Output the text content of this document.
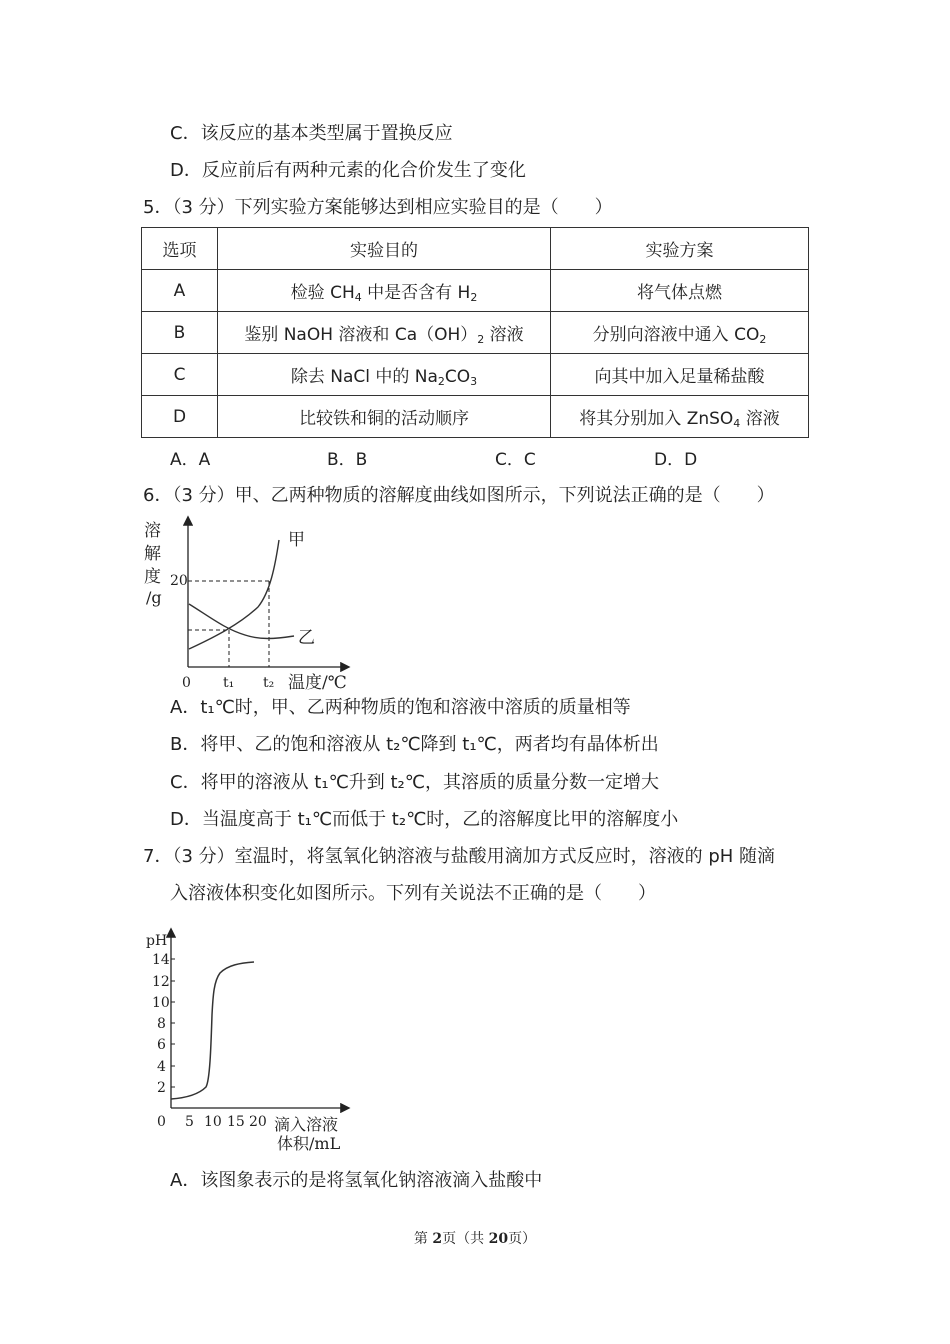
C．该反应的基本类型属于置换反应
D．反应前后有两种元素的化合价发生了变化
5．（3 分）下列实验方案能够达到相应实验目的是（　　）
选项	实验目的	实验方案
A	检验 $CH_4$ 中是否含有 $H_2$	将气体点燃
B	鉴别 NaOH 溶液和 $Ca(OH)_2$ 溶液	分别向溶液中通入 $CO_2$
C	除去 NaCl 中的 $Na_2CO_3$	向其中加入足量稀盐酸
D	比较铁和铜的活动顺序	将其分别加入 ZnSO$_4$ 溶液
A．A	B．B	C．C	D．D
6．（3 分）甲、乙两种物质的溶解度曲线如图所示，下列说法正确的是（　　）
溶
解
度
/g
甲
乙
20
0 t₁ t₂ 温度/℃
A．t₁℃时，甲、乙两种物质的饱和溶液中溶质的质量相等
B．将甲、乙的饱和溶液从 t₂℃降到 t₁℃，两者均有晶体析出
C．将甲的溶液从 t₁℃升到 t₂℃，其溶质的质量分数一定增大
D．当温度高于 t₁℃而低于 t₂℃时，乙的溶解度比甲的溶解度小
7．（3 分）室温时，将氢氧化钠溶液与盐酸用滴加方式反应时，溶液的 pH 随滴
入溶液体积变化如图所示。下列有关说法不正确的是（　　）
pH
14
12
10
8
6
4
2
0 5 10 15 20 滴入溶液
体积/mL
A．该图象表示的是将氢氧化钠溶液滴入盐酸中
第 2页（共 20页）
